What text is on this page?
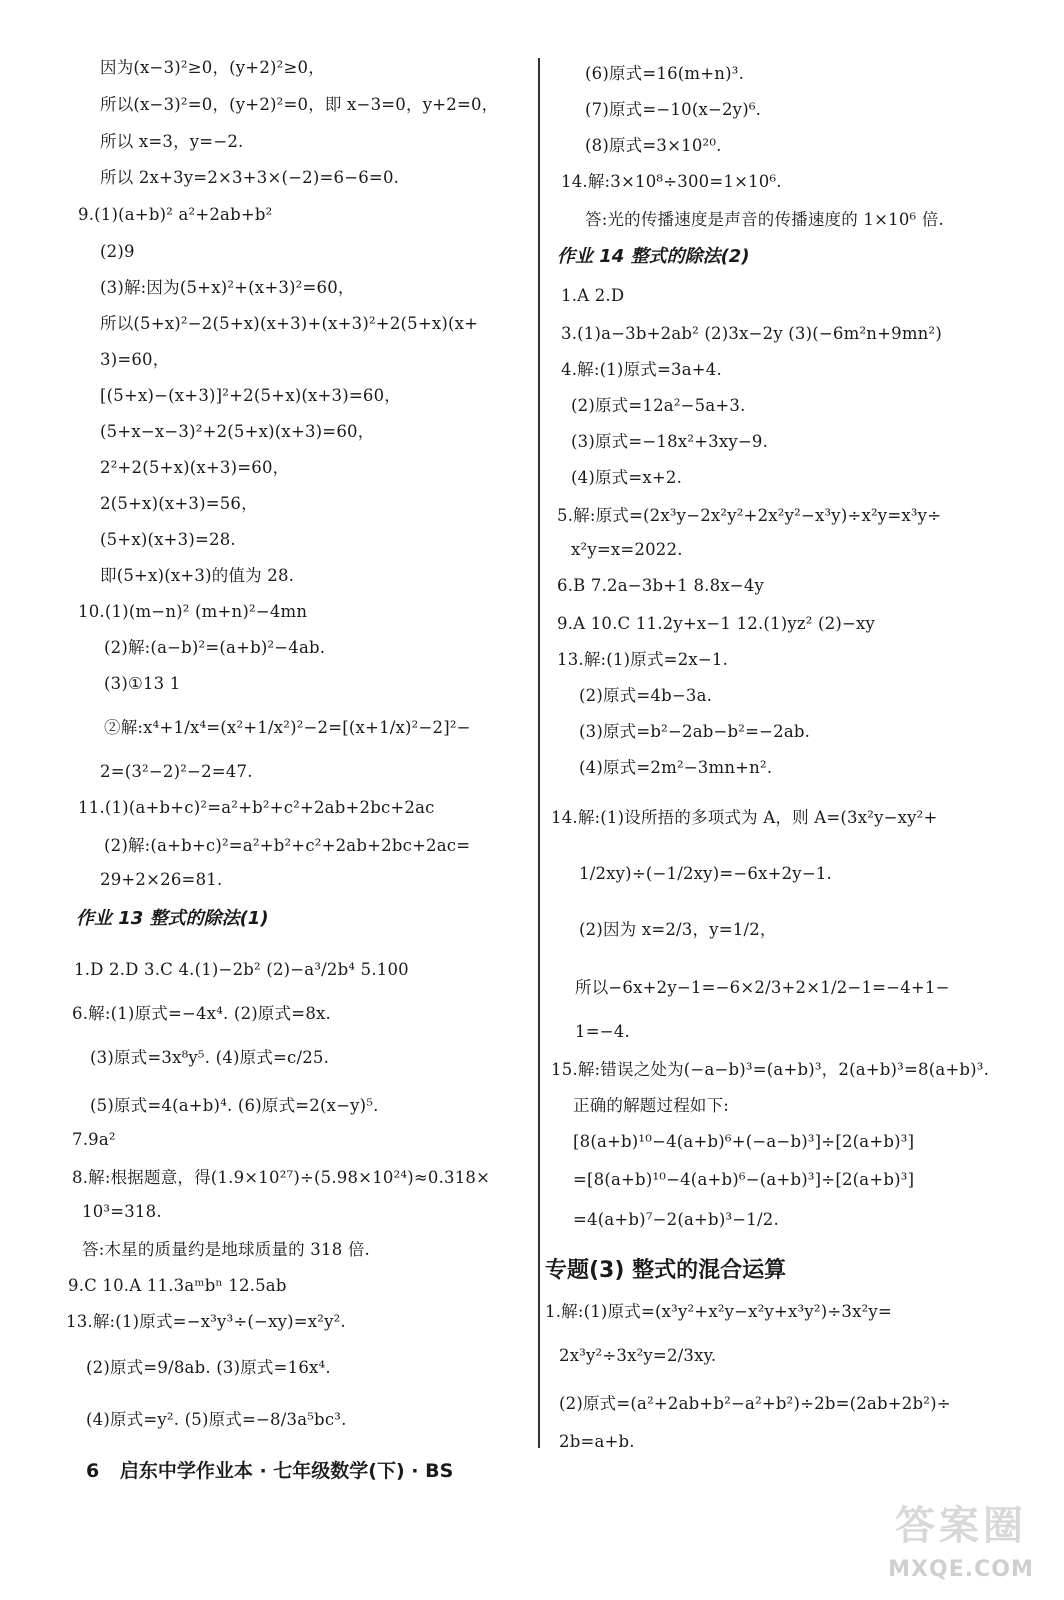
因为(x−3)²≥0，(y+2)²≥0，
所以(x−3)²=0，(y+2)²=0，即 x−3=0，y+2=0，
所以 x=3，y=−2.
所以 2x+3y=2×3+3×(−2)=6−6=0.
9.(1)(a+b)² a²+2ab+b²
(2)9
(3)解:因为(5+x)²+(x+3)²=60，
所以(5+x)²−2(5+x)(x+3)+(x+3)²+2(5+x)(x+
3)=60，
[(5+x)−(x+3)]²+2(5+x)(x+3)=60，
(5+x−x−3)²+2(5+x)(x+3)=60，
2²+2(5+x)(x+3)=60，
2(5+x)(x+3)=56，
(5+x)(x+3)=28.
即(5+x)(x+3)的值为 28.
10.(1)(m−n)² (m+n)²−4mn
(2)解:(a−b)²=(a+b)²−4ab.
(3)①13 1
②解:x⁴+1/x⁴=(x²+1/x²)²−2=[(x+1/x)²−2]²−
2=(3²−2)²−2=47.
11.(1)(a+b+c)²=a²+b²+c²+2ab+2bc+2ac
(2)解:(a+b+c)²=a²+b²+c²+2ab+2bc+2ac=
29+2×26=81.
作业 13 整式的除法(1)
1.D 2.D 3.C 4.(1)−2b² (2)−a³/2b⁴ 5.100
6.解:(1)原式=−4x⁴. (2)原式=8x.
(3)原式=3x⁸y⁵. (4)原式=c/25.
(5)原式=4(a+b)⁴. (6)原式=2(x−y)⁵.
7.9a²
8.解:根据题意，得(1.9×10²⁷)÷(5.98×10²⁴)≈0.318×
10³=318.
答:木星的质量约是地球质量的 318 倍.
9.C 10.A 11.3aᵐbⁿ 12.5ab
13.解:(1)原式=−x³y³÷(−xy)=x²y².
(2)原式=9/8ab. (3)原式=16x⁴.
(4)原式=y². (5)原式=−8/3a⁵bc³.
(6)原式=16(m+n)³.
(7)原式=−10(x−2y)⁶.
(8)原式=3×10²⁰.
14.解:3×10⁸÷300=1×10⁶.
答:光的传播速度是声音的传播速度的 1×10⁶ 倍.
作业 14 整式的除法(2)
1.A 2.D
3.(1)a−3b+2ab² (2)3x−2y (3)(−6m²n+9mn²)
4.解:(1)原式=3a+4.
(2)原式=12a²−5a+3.
(3)原式=−18x²+3xy−9.
(4)原式=x+2.
5.解:原式=(2x³y−2x²y²+2x²y²−x³y)÷x²y=x³y÷
x²y=x=2022.
6.B 7.2a−3b+1 8.8x−4y
9.A 10.C 11.2y+x−1 12.(1)yz² (2)−xy
13.解:(1)原式=2x−1.
(2)原式=4b−3a.
(3)原式=b²−2ab−b²=−2ab.
(4)原式=2m²−3mn+n².
14.解:(1)设所捂的多项式为 A，则 A=(3x²y−xy²+
1/2xy)÷(−1/2xy)=−6x+2y−1.
(2)因为 x=2/3，y=1/2，
所以−6x+2y−1=−6×2/3+2×1/2−1=−4+1−
1=−4.
15.解:错误之处为(−a−b)³=(a+b)³，2(a+b)³=8(a+b)³.
正确的解题过程如下:
[8(a+b)¹⁰−4(a+b)⁶+(−a−b)³]÷[2(a+b)³]
=[8(a+b)¹⁰−4(a+b)⁶−(a+b)³]÷[2(a+b)³]
=4(a+b)⁷−2(a+b)³−1/2.
专题(3) 整式的混合运算
1.解:(1)原式=(x³y²+x²y−x²y+x³y²)÷3x²y=
2x³y²÷3x²y=2/3xy.
(2)原式=(a²+2ab+b²−a²+b²)÷2b=(2ab+2b²)÷
2b=a+b.
6 启东中学作业本 · 七年级数学(下) · BS
答案圈
MXQE.COM
